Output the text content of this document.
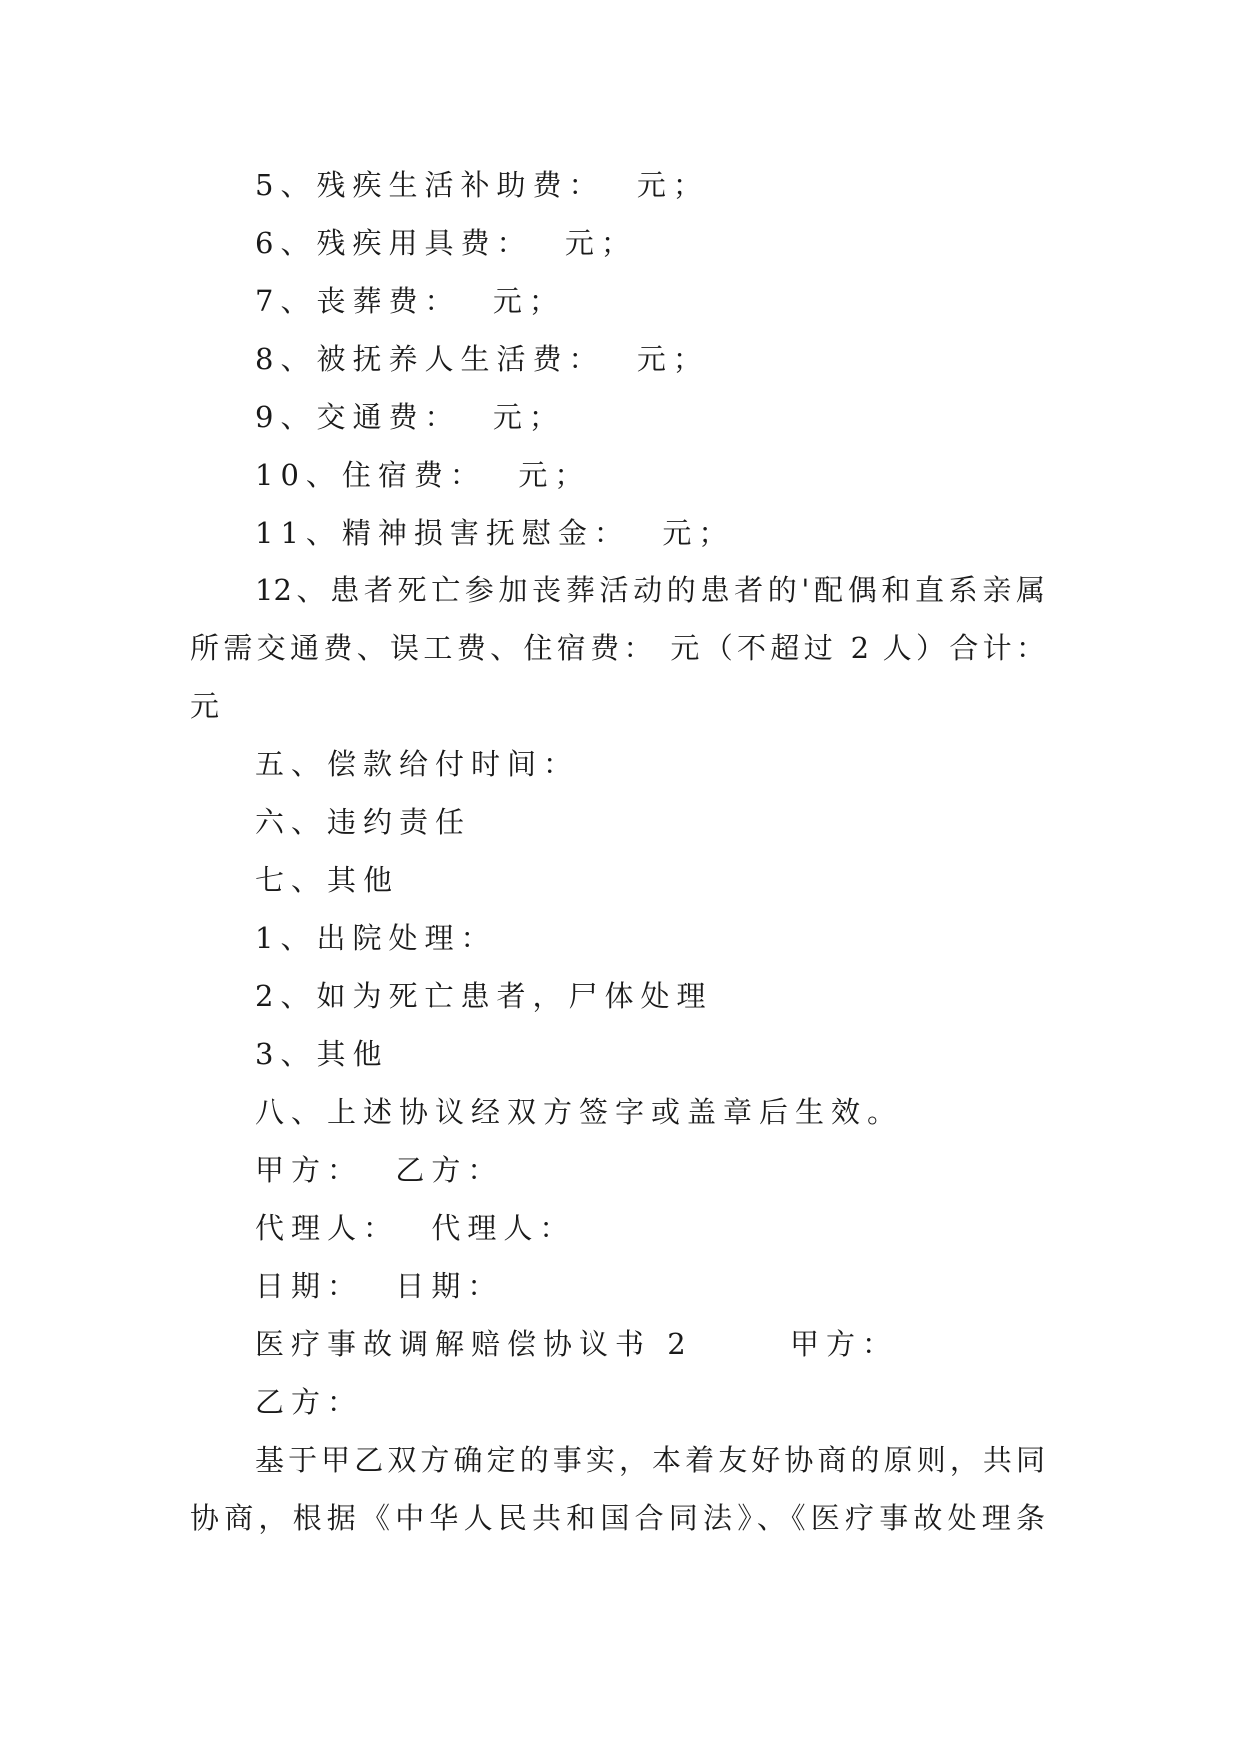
5、残疾生活补助费：  元；

6、残疾用具费：  元；

7、丧葬费：  元；

8、被抚养人生活费：  元；

9、交通费：  元；

10、住宿费：  元；

11、精神损害抚慰金：  元；

12、患者死亡参加丧葬活动的患者的'配偶和直系亲属

所需交通费、误工费、住宿费： 元（不超过 2 人）合计：

元

五、偿款给付时间：

六、违约责任

七、其他

1、出院处理：

2、如为死亡患者，尸体处理

3、其他

八、上述协议经双方签字或盖章后生效。

甲方：  乙方：

代理人：  代理人：

日期：  日期：

医疗事故调解赔偿协议书 2      甲方：

乙方：

基于甲乙双方确定的事实，本着友好协商的原则，共同

协商，根据《中华人民共和国合同法》、《医疗事故处理条
